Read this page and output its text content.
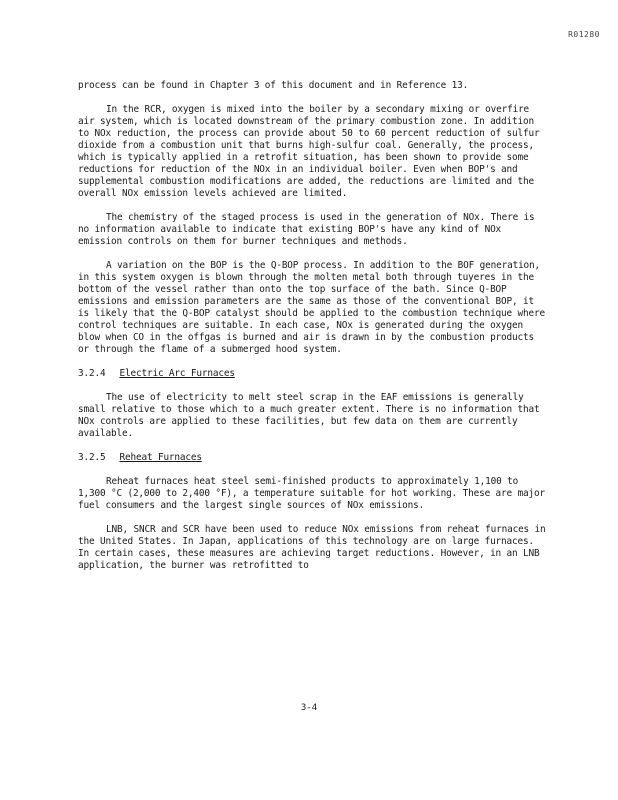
R01280

process can be found in Chapter 3 of this document and in Reference 13.

In the RCR, oxygen is mixed into the boiler by a secondary mixing or overfire air system, which is located downstream of the primary combustion zone. In addition to NOx reduction, the process can provide about 50 to 60 percent reduction of sulfur dioxide from a combustion unit that burns high-sulfur coal. Generally, the process, which is typically applied in a retrofit situation, has been shown to provide some reductions for reduction of the NOx in an individual boiler. Even when BOP's and supplemental combustion modifications are added, the reductions are limited and the overall NOx emission levels achieved are limited.

The chemistry of the staged process is used in the generation of NOx. There is no information available to indicate that existing BOP's have any kind of NOx emission controls on them for burner techniques and methods.

A variation on the BOP is the Q-BOP process. In addition to the BOF generation, in this system oxygen is blown through the molten metal both through tuyeres in the bottom of the vessel rather than onto the top surface of the bath. Since Q-BOP emissions and emission parameters are the same as those of the conventional BOP, it is likely that the Q-BOP catalyst should be applied to the combustion technique where control techniques are suitable. In each case, NOx is generated during the oxygen blow when CO in the offgas is burned and air is drawn in by the combustion products or through the flame of a submerged hood system.

3.2.4 Electric Arc Furnaces

The use of electricity to melt steel scrap in the EAF emissions is generally small relative to those which to a much greater extent. There is no information that NOx controls are applied to these facilities, but few data on them are currently available.

3.2.5 Reheat Furnaces

Reheat furnaces heat steel semi-finished products to approximately 1,100 to 1,300 °C (2,000 to 2,400 °F), a temperature suitable for hot working. These are major fuel consumers and the largest single sources of NOx emissions.

LNB, SNCR and SCR have been used to reduce NOx emissions from reheat furnaces in the United States. In Japan, applications of this technology are on large furnaces. In certain cases, these measures are achieving target reductions. However, in an LNB application, the burner was retrofitted to

3-4
